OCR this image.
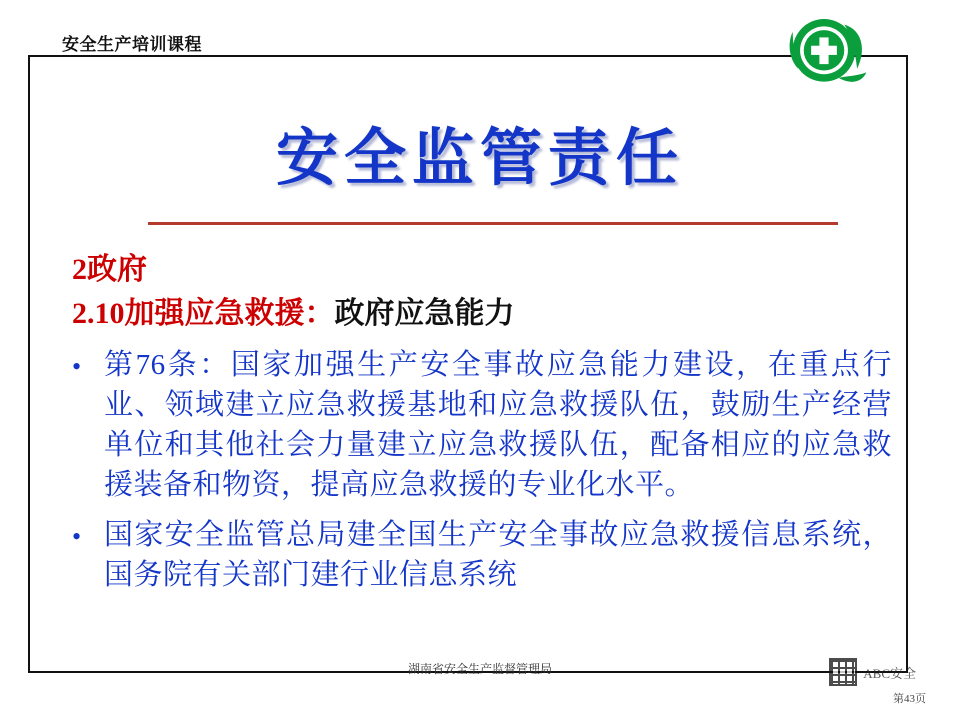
安全生产培训课程
安全监管责任
2政府
2.10加强应急救援：政府应急能力
• 第76条：国家加强生产安全事故应急能力建设，在重点行业、领域建立应急救援基地和应急救援队伍，鼓励生产经营单位和其他社会力量建立应急救援队伍，配备相应的应急救援装备和物资，提高应急救援的专业化水平。
• 国家安全监管总局建全国生产安全事故应急救援信息系统，国务院有关部门建行业信息系统
湖南省安全生产监督管理局	ABC安全
第43页
